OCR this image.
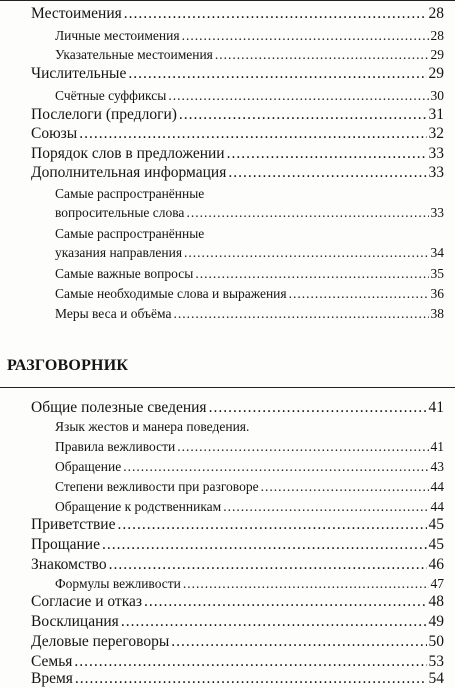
Местоимения .....	28
Личные местоимения .....	28
Указательные местоимения .....	29
Числительные .....	29
Счётные суффиксы .....	30
Послелоги (предлоги) .....	31
Союзы .....	32
Порядок слов в предложении .....	33
Дополнительная информация .....	33
Самые распространённые
вопросительные слова .....	33
Самые распространённые
указания направления .....	34
Самые важные вопросы .....	35
Самые необходимые слова и выражения .....	36
Меры веса и объёма .....	38
РАЗГОВОРНИК
Общие полезные сведения .....	41
Язык жестов и манера поведения.
Правила вежливости .....	41
Обращение .....	43
Степени вежливости при разговоре .....	44
Обращение к родственникам .....	44
Приветствие .....	45
Прощание .....	45
Знакомство .....	46
Формулы вежливости .....	47
Согласие и отказ .....	48
Восклицания .....	49
Деловые переговоры .....	50
Семья .....	53
Время .....	54
